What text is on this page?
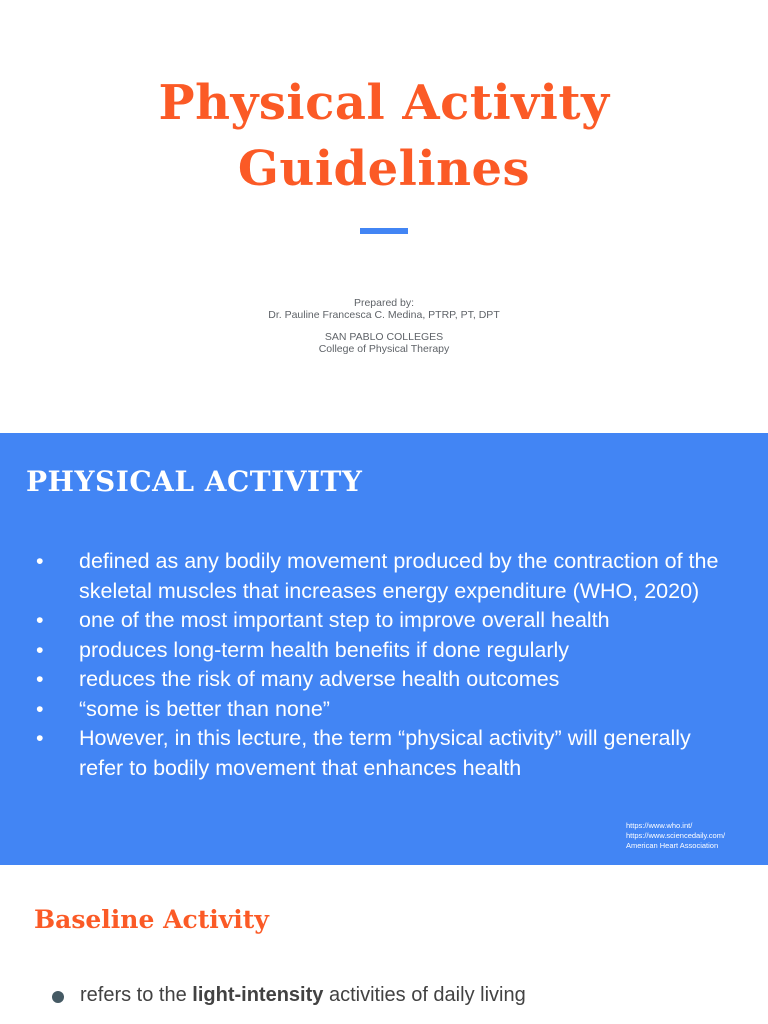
Physical Activity
Guidelines
Prepared by:
Dr. Pauline Francesca C. Medina, PTRP, PT, DPT
SAN PABLO COLLEGES
College of Physical Therapy
PHYSICAL ACTIVITY
• defined as any bodily movement produced by the contraction of the skeletal muscles that increases energy expenditure (WHO, 2020)
• one of the most important step to improve overall health
• produces long-term health benefits if done regularly
• reduces the risk of many adverse health outcomes
• “some is better than none”
• However, in this lecture, the term “physical activity” will generally refer to bodily movement that enhances health
https://www.who.int/
https://www.sciencedaily.com/
American Heart Association
Baseline Activity
refers to the light-intensity activities of daily living
